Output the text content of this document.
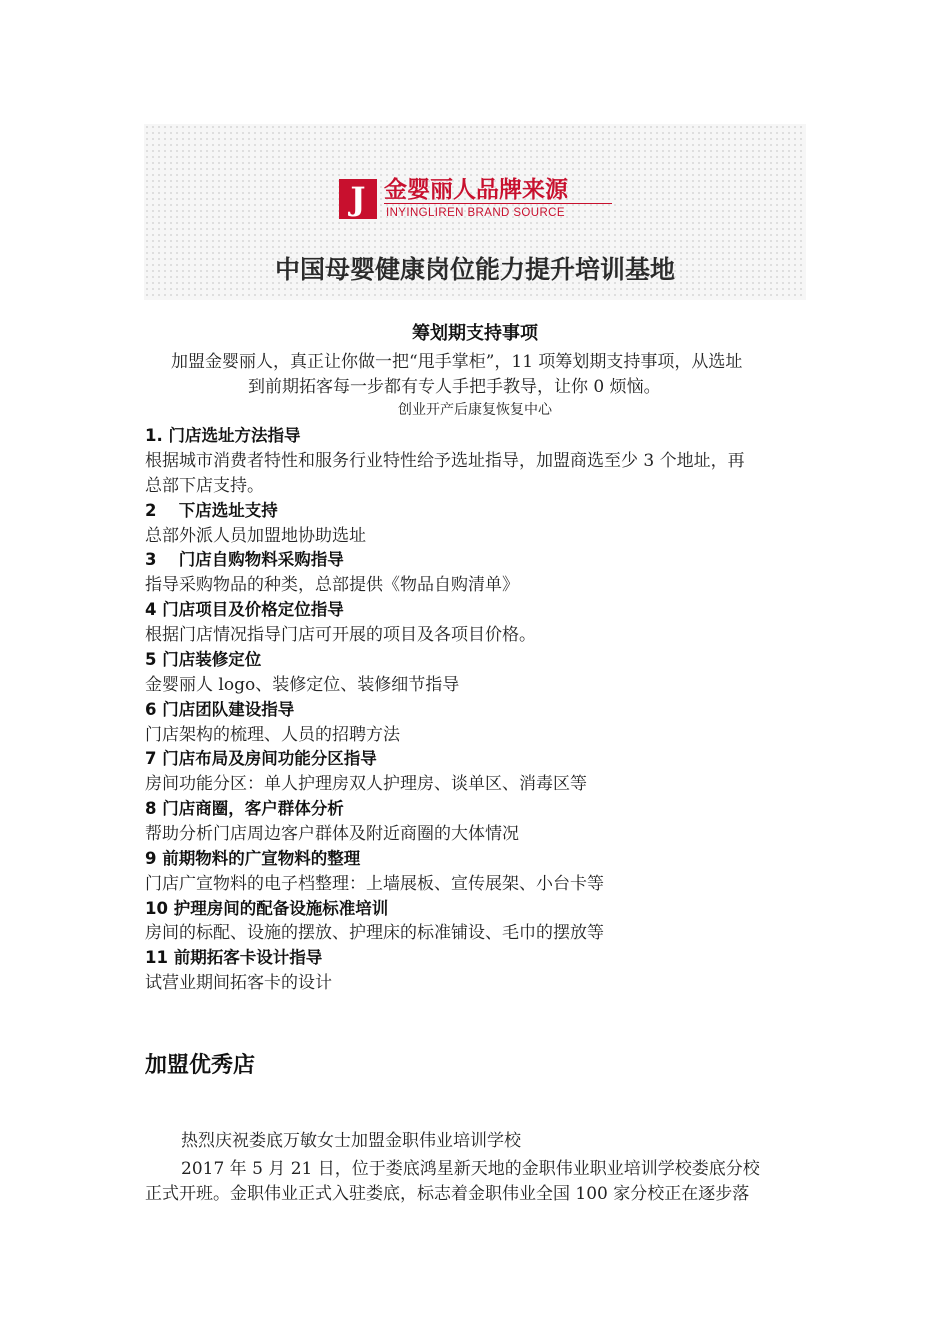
J 金婴丽人品牌来源
INYINGLIREN BRAND SOURCE
中国母婴健康岗位能力提升培训基地
筹划期支持事项
加盟金婴丽人，真正让你做一把“甩手掌柜”，11 项筹划期支持事项，从选址
到前期拓客每一步都有专人手把手教导，让你 0 烦恼。
创业开产后康复恢复中心
1. 门店选址方法指导
根据城市消费者特性和服务行业特性给予选址指导，加盟商选至少 3 个地址，再
总部下店支持。
2　 下店选址支持
总部外派人员加盟地协助选址
3　 门店自购物料采购指导
指导采购物品的种类，总部提供《物品自购清单》
4 门店项目及价格定位指导
根据门店情况指导门店可开展的项目及各项目价格。
5 门店装修定位
金婴丽人 logo、装修定位、装修细节指导
6 门店团队建设指导
门店架构的梳理、人员的招聘方法
7 门店布局及房间功能分区指导
房间功能分区：单人护理房双人护理房、谈单区、消毒区等
8 门店商圈，客户群体分析
帮助分析门店周边客户群体及附近商圈的大体情况
9 前期物料的广宣物料的整理
门店广宣物料的电子档整理：上墙展板、宣传展架、小台卡等
10 护理房间的配备设施标准培训
房间的标配、设施的摆放、护理床的标准铺设、毛巾的摆放等
11 前期拓客卡设计指导
试营业期间拓客卡的设计
加盟优秀店
热烈庆祝娄底万敏女士加盟金职伟业培训学校
2017 年 5 月 21 日，位于娄底鸿星新天地的金职伟业职业培训学校娄底分校
正式开班。金职伟业正式入驻娄底，标志着金职伟业全国 100 家分校正在逐步落
